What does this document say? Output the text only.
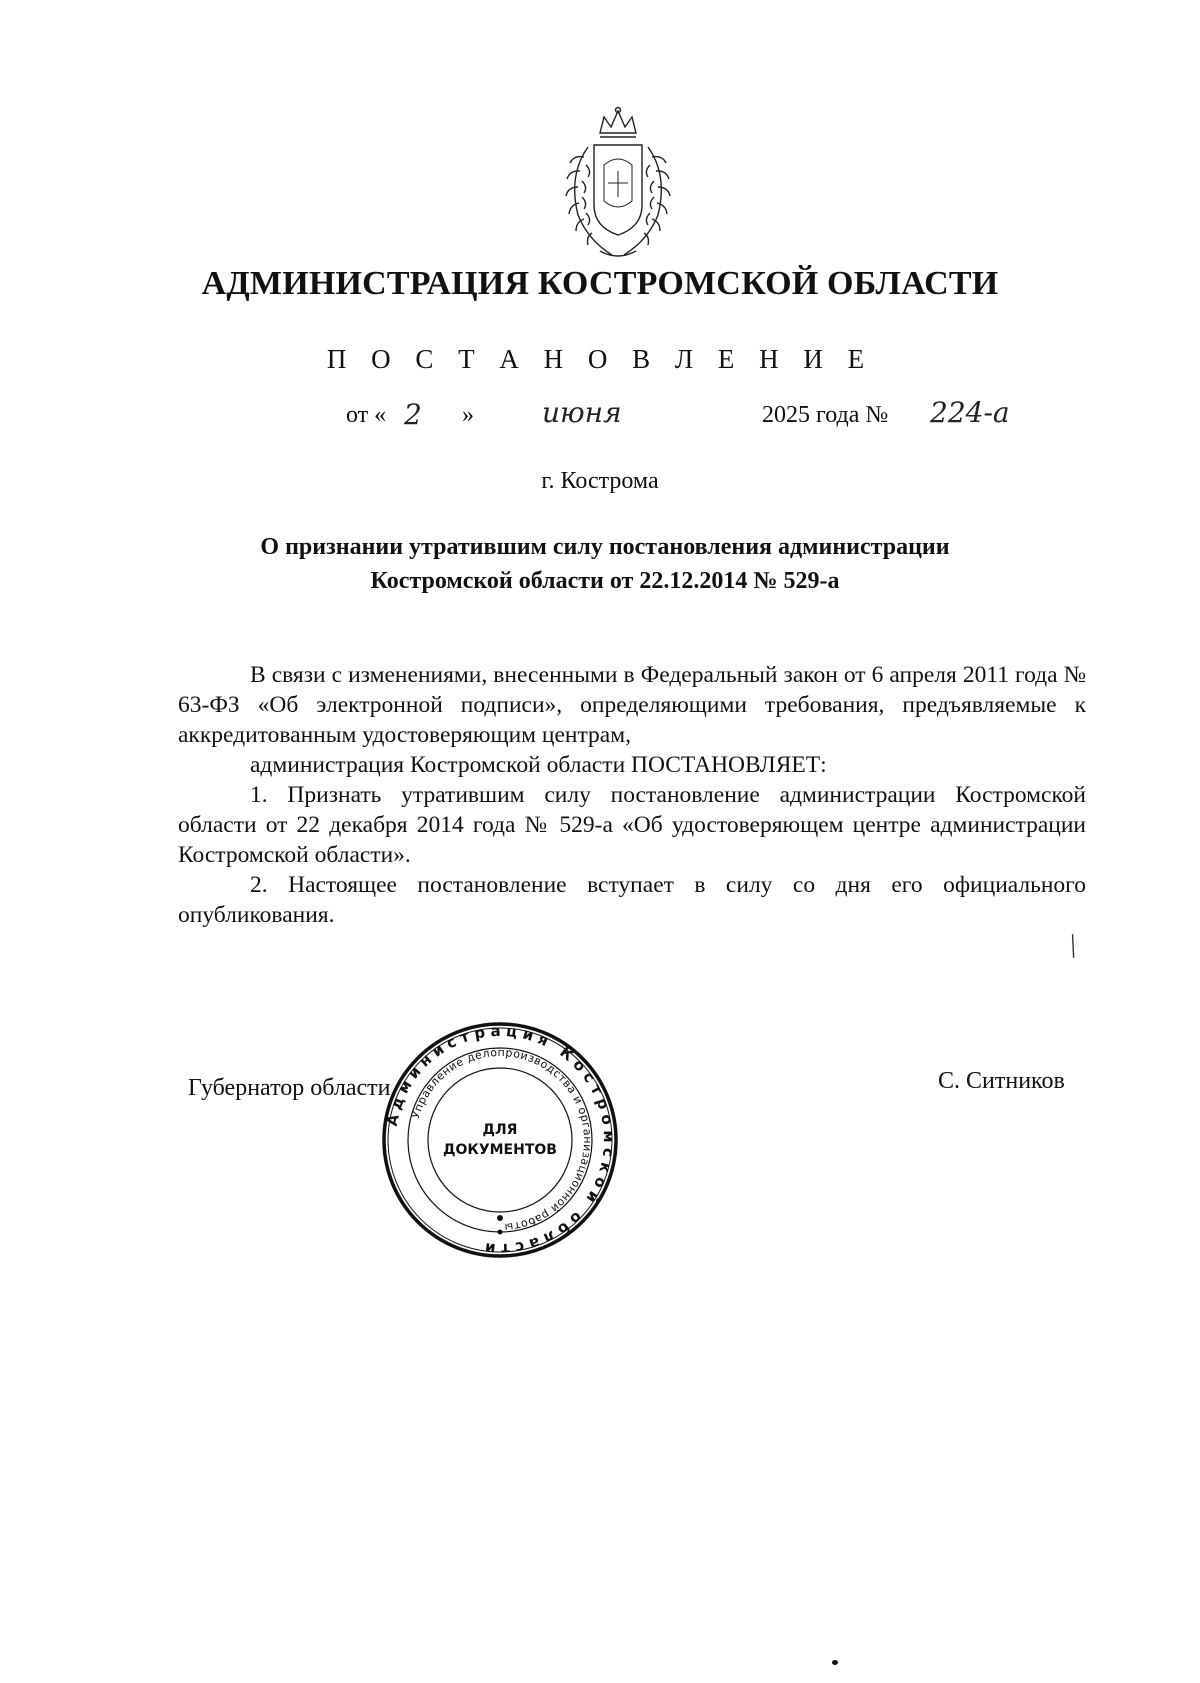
АДМИНИСТРАЦИЯ КОСТРОМСКОЙ ОБЛАСТИ
П О С Т А Н О В Л Е Н И Е
от « 2 » июня	2025 года № 224-а
г. Кострома
О признании утратившим силу постановления администрации
Костромской области от 22.12.2014 № 529-а

В связи с изменениями, внесенными в Федеральный закон от 6 апреля 2011 года № 63-ФЗ «Об электронной подписи», определяющими требования, предъявляемые к аккредитованным удостоверяющим центрам,

администрация Костромской области ПОСТАНОВЛЯЕТ:

1. Признать утратившим силу постановление администрации Костромской области от 22 декабря 2014 года № 529-а «Об удостоверяющем центре администрации Костромской области».

2. Настоящее постановление вступает в силу со дня его официального опубликования.

╱
Губернатор области	С. Ситников
Администрация Костромской области
Управление делопроизводства и организационной работы
ДЛЯ
ДОКУМЕНТОВ
